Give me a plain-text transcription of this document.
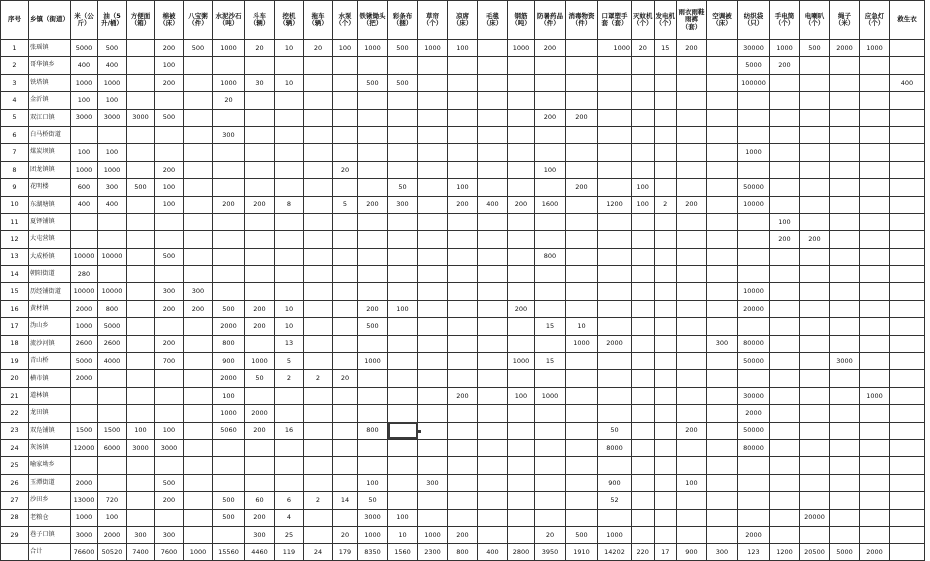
序号	乡镇（街道）	米（公斤）	油（5升/桶）	方便面（箱）	棉被（床）	八宝粥（件）	水泥沙石（吨）	斗车（辆）	挖机（辆）	拖车（辆）	水泵（个）	铁锹锄头（把）	彩条布（捆）	草帘（个）	凉席（床）	毛毯（床）	钢筋（吨）	防暑药品（件）	消毒物资（件）	口罩塑手套（套）	灭蚊机（个）	发电机（个）	雨衣雨鞋雨裤（套）	空调被（床）	纺织袋（只）	手电筒（个）	电喇叭（个）	绳子（米）	应急灯（个）	救生衣
1	张瑶镇	5000	500		200	500	1000	20	10	20	100	1000	500	1000	100		1000	200		1000	20	15	200		30000	1000	500	2000	1000	
2	哥华镇乡	400	400		100																				5000	200				
3	铁塔镇	1000	1000		200		1000	30	10			500	500												100000					400
4	金沂镇	100	100				20																							
5	双江口镇	3000	3000	3000	500													200	200											
6	白马桥街道						300																							
7	煤炭坝镇	100	100																						1000					
8	团龙镇镇	1000	1000		200						20							100												
9	花明楼	600	300	500	100								50		100				200		100				50000					
10	东湖塘镇	400	400		100		200	200	8		5	200	300		200	400	200	1600		1200	100	2	200		10000					
11	夏铎铺镇																									100				
12	大屯营镇																									200	200			
13	大成桥镇	10000	10000		500													800												
14	朝阳街道	280																												
15	历经铺街道	10000	10000		300	300																			10000					
16	黄材镇	2000	800		200	200	500	200	10			200	100				200								20000					
17	沩山乡	1000	5000				2000	200	10			500						15	10											
18	流沙河镇	2600	2600		200		800		13										1000	2000				300	80000					
19	青山桥	5000	4000		700		900	1000	5			1000					1000	15							50000			3000		
20	横市镇	2000					2000	50	2	2	20																			
21	道林镇						100								200		100	1000							30000				1000	
22	龙田镇						1000	2000																	2000					
23	双凫铺镇	1500	1500	100	100		5060	200	16			800								50			200		50000					
24	灰汤镇	12000	6000	3000	3000															8000					80000					
25	喻家坳乡																													
26	玉潭街道	2000			500							100		300						900			100							
27	沙田乡	13000	720		200		500	60	6	2	14	50								52										
28	老粮仓	1000	100				500	200	4			3000	100														20000			
29	巷子口镇	3000	2000	300	300			300	25		20	1000	10	1000	200			20	500	1000					2000					
	合计	76600	50520	7400	7600	1000	15560	4460	119	24	179	8350	1560	2300	800	400	2800	3950	1910	14202	220	17	900	300	123	1200	20500	5000	2000	
